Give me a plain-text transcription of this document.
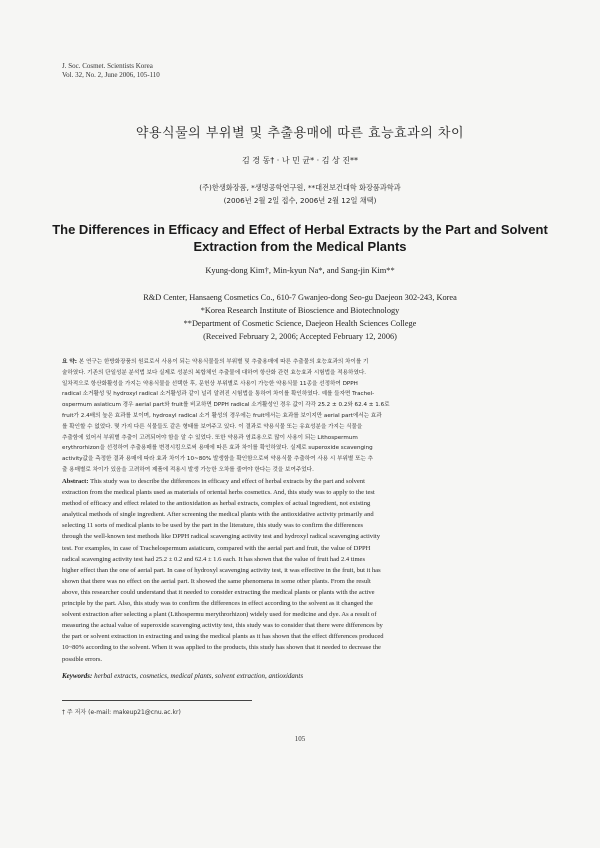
J. Soc. Cosmet. Scientists Korea
Vol. 32, No. 2, June 2006, 105-110
약용식물의 부위별 및 추출용매에 따른 효능효과의 차이
김 경 동† · 나 민 균* · 김 상 진**
(주)한생화장품, *생명공학연구원, **대전보건대학 화장품과학과
(2006년 2월 2일 접수, 2006년 2월 12일 채택)
The Differences in Efficacy and Effect of Herbal Extracts by the Part and Solvent
Extraction from the Medical Plants
Kyung-dong Kim†, Min-kyun Na*, and Sang-jin Kim**
R&D Center, Hansaeng Cosmetics Co., 610-7 Gwanjeo-dong Seo-gu Daejeon 302-243, Korea
*Korea Research Institute of Bioscience and Biotechnology
**Department of Cosmetic Science, Daejeon Health Sciences College
(Received February 2, 2006; Accepted February 12, 2006)
요 약: 본 연구는 한방화장품의 원료로서 사용이 되는 약용식물들의 부위별 및 추출용매에 따른 추출물의 효능효과의 차이를 기
술하였다. 기존의 단일성분 분석법 보다 실제로 성분의 복합체인 추출물에 대하여 항산화 관련 효능효과 시험법을 적용하였다.
일차적으로 항산화활성을 가지는 약용식물을 선택한 후, 문헌상 부위별로 사용이 가능한 약용식물 11종을 선정하여 DPPH
radical 소거활성 및 hydroxyl radical 소거활성과 같이 널리 알려진 시험법을 통하여 차이를 확인하였다. 예를 들자면 Trachel-
ospermum asiaticum 경우 aerial part와 fruit를 비교하면 DPPH radical 소거활성인 경우 값이 각각 25.2 ± 0.2와 62.4 ± 1.6로
fruit가 2.4배의 높은 효과를 보이며, hydroxyl radical 소거 활성의 경우에는 fruit에서는 효과를 보이지만 aerial part에서는 효과
를 확인할 수 없었다. 몇 가지 다른 식물들도 같은 형태를 보여주고 있다. 이 결과로 약용식물 또는 유효성분을 가지는 식물을
추출함에 있어서 부위별 추출이 고려되어야 함을 알 수 있었다. 또한 약용과 염료용으로 많이 사용이 되는 Lithospermum
erythrorhizon을 선정하여 추출용매를 변경시킴으로써 용매에 따른 효과 차이를 확인하였다. 실제로 superoxide scavenging
activity값을 측정한 결과 용매에 따라 효과 차이가 10~80% 발생함을 확인함으로써 약용식물 추출하여 사용 시 부위별 또는 추
출 용매별로 차이가 있음을 고려하여 제품에 적용시 발생 가능한 오차를 줄여야 한다는 것을 보여주었다.
Abstract: This study was to describe the differences in efficacy and effect of herbal extracts by the part and solvent
extraction from the medical plants used as materials of oriental herbs cosmetics. And, this study was to apply to the test
method of efficacy and effect related to the antioxidation as herbal extracts, complex of actual ingredient, not existing
analytical methods of single ingredient. After screening the medical plants with the antioxidative activity primarily and
selecting 11 sorts of medical plants to be used by the part in the literature, this study was to confirm the differences
through the well-known test methods like DPPH radical scavenging activity test and hydroxyl radical scavenging activity
test. For examples, in case of Trachelospermum asiaticum, compared with the aerial part and fruit, the value of DPPH
radical scavenging activity test had 25.2 ± 0.2 and 62.4 ± 1.6 each. It has shown that the value of fruit had 2.4 times
higher effect than the one of aerial part. In case of hydroxyl scavenging activity test, it was effective in the fruit, but it has
shown that there was no effect on the aerial part. It showed the same phenomena in some other plants. From the result
above, this researcher could understand that it needed to consider extracting the medical plants or plants with the active
principle by the part. Also, this study was to confirm the differences in effect according to the solvent as it changed the
solvent extraction after selecting a plant (Lithospermu merythrorhizon) widely used for medicine and dye. As a result of
measuring the actual value of superoxide scavenging activity test, this study was to consider that there were differences by
the part or solvent extraction in extracting and using the medical plants as it has shown that the effect differences produced
10~80% according to the solvent. When it was applied to the products, this study has shown that it needed to decrease the
possible errors.
Keywords: herbal extracts, cosmetics, medical plants, solvent extraction, antioxidants
† 주 저자 (e-mail: makeup21@cnu.ac.kr)
105
